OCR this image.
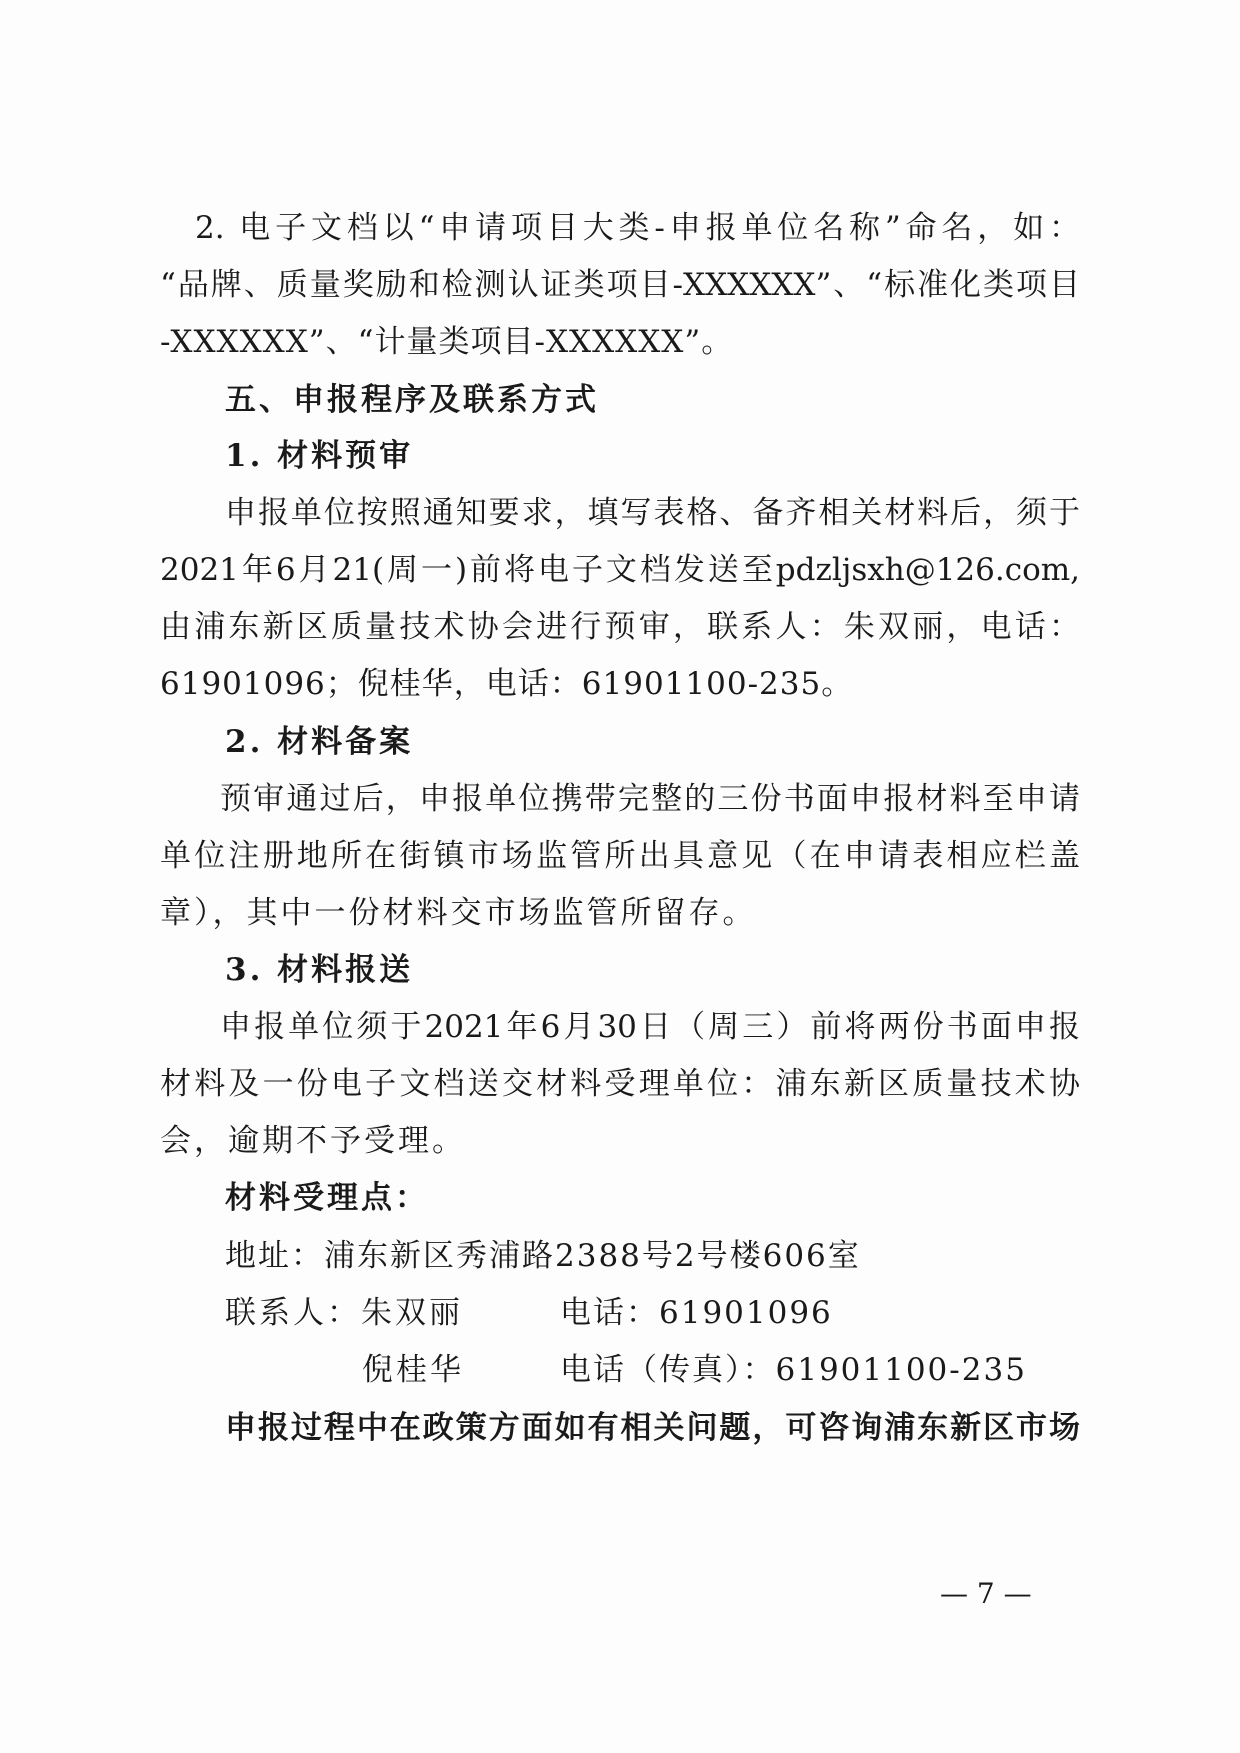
2. 电子文档以“申请项目大类-申报单位名称”命名，如：
“品牌、质量奖励和检测认证类项目-XXXXXX”、“标准化类项目
-XXXXXX”、“计量类项目-XXXXXX”。
五、申报程序及联系方式
1. 材料预审
申报单位按照通知要求，填写表格、备齐相关材料后，须于
2021年6月21(周一)前将电子文档发送至pdzljsxh@126.com,
由浦东新区质量技术协会进行预审，联系人：朱双丽，电话：
61901096；倪桂华，电话：61901100-235。
2. 材料备案
预审通过后，申报单位携带完整的三份书面申报材料至申请
单位注册地所在街镇市场监管所出具意见（在申请表相应栏盖
章），其中一份材料交市场监管所留存。
3. 材料报送
申报单位须于2021年6月30日（周三）前将两份书面申报
材料及一份电子文档送交材料受理单位：浦东新区质量技术协
会，逾期不予受理。
材料受理点：
地址：浦东新区秀浦路2388号2号楼606室
联系人：朱双丽	电话：61901096
倪桂华	电话（传真）：61901100-235
申报过程中在政策方面如有相关问题，可咨询浦东新区市场
— 7 —
